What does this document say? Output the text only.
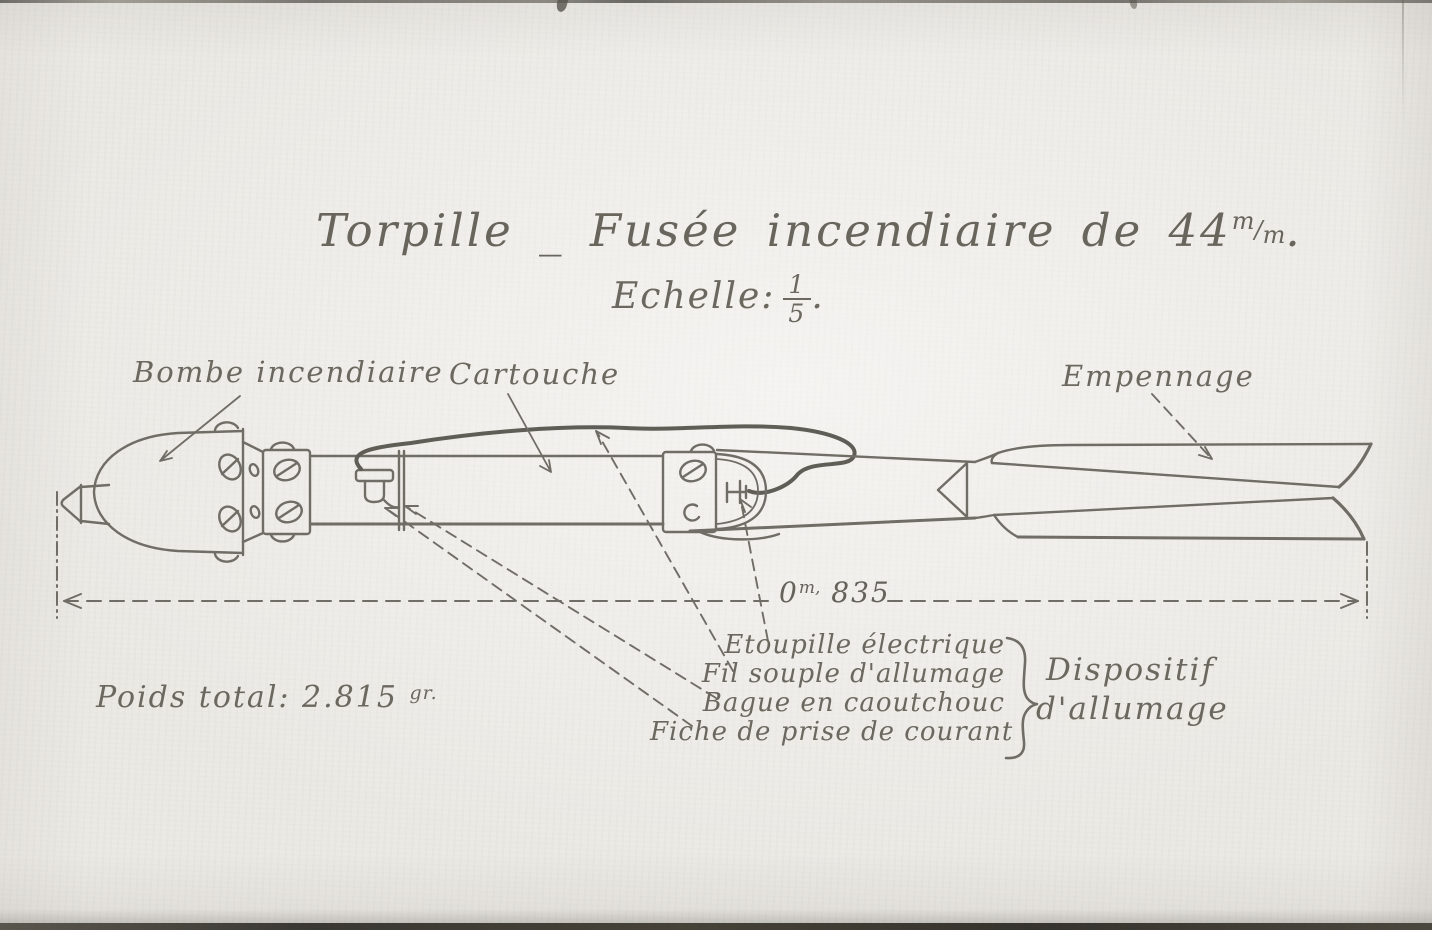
Torpille _ Fusée incendiaire de 44m/m.
Echelle: $\frac{1}{5}$ .
Bombe incendiaire Cartouche	Empennage
$0^{m,}$ 835
Poids total: 2.815 $^{gr.}$
Etoupille électrique
Fil souple d'allumage
Bague en caoutchouc
Fiche de prise de courant
Dispositif
d'allumage
